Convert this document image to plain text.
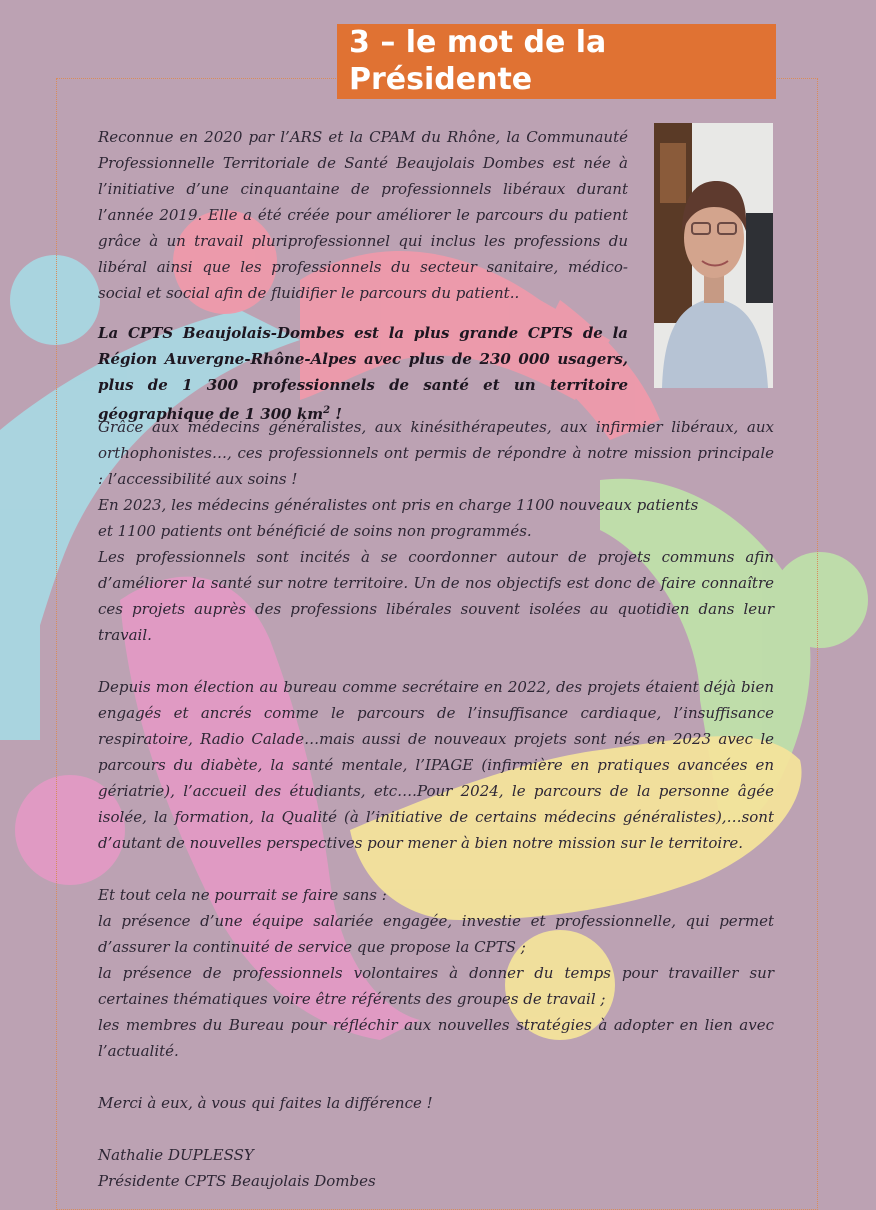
3 – le mot de la
Présidente

Reconnue en 2020 par l’ARS et la CPAM du Rhône, la Communauté Professionnelle Territoriale de Santé Beaujolais Dombes est née à l’initiative d’une cinquantaine de professionnels libéraux durant l’année 2019. Elle a été créée pour améliorer le parcours du patient grâce à un travail pluriprofessionnel qui inclus les professions du libéral ainsi que les professionnels du secteur sanitaire, médico-social et social afin de fluidifier le parcours du patient..

La CPTS Beaujolais-Dombes est la plus grande CPTS de la Région Auvergne-Rhône-Alpes avec plus de 230 000 usagers, plus de 1 300 professionnels de santé et un territoire géographique de 1 300 $km^2$ !

Grâce aux médecins généralistes, aux kinésithérapeutes, aux infirmier libéraux, aux orthophonistes…, ces professionnels ont permis de répondre à notre mission principale : l’accessibilité aux soins !

En 2023, les médecins généralistes ont pris en charge 1100 nouveaux patients

et 1100 patients ont bénéficié de soins non programmés.

Les professionnels sont incités à se coordonner autour de projets communs afin d’améliorer la santé sur notre territoire. Un de nos objectifs est donc de faire connaître ces projets auprès des professions libérales souvent isolées au quotidien dans leur travail.

Depuis mon élection au bureau comme secrétaire en 2022, des projets étaient déjà bien engagés et ancrés comme le parcours de l’insuffisance cardiaque, l’insuffisance respiratoire, Radio Calade…mais aussi de nouveaux projets sont nés en 2023 avec le parcours du diabète, la santé mentale, l’IPAGE (infirmière en pratiques avancées en gériatrie), l’accueil des étudiants, etc….Pour 2024, le parcours de la personne âgée isolée, la formation, la Qualité (à l’initiative de certains médecins généralistes),…sont d’autant de nouvelles perspectives pour mener à bien notre mission sur le territoire.

Et tout cela ne pourrait se faire sans :

la présence d’une équipe salariée engagée, investie et professionnelle, qui permet d’assurer la continuité de service que propose la CPTS ;

la présence de professionnels volontaires à donner du temps pour travailler sur certaines thématiques voire être référents des groupes de travail ;

les membres du Bureau pour réfléchir aux nouvelles stratégies à adopter en lien avec l’actualité.

Merci à eux, à vous qui faites la différence !

Nathalie DUPLESSY

Présidente CPTS Beaujolais Dombes
